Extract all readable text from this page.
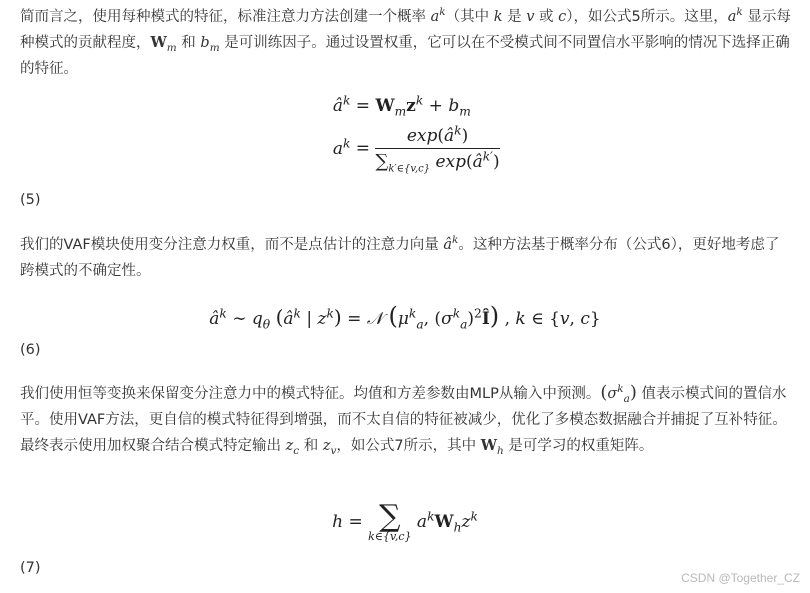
简而言之，使用每种模式的特征，标准注意力方法创建一个概率 $a^k$（其中 k 是 v 或 c），如公式5所示。这里，$a^k$ 显示每种模式的贡献程度，$W_m$ 和 $b_m$ 是可训练因子。通过设置权重，它可以在不受模式间不同置信水平影响的情况下选择正确的特征。

$â^k = W_mz^k + b_m$
$a^k = \frac{\exp(â^k)}{\sum_{k'\in\{v,c\}} \exp(â^{k'})}$
(5)

我们的VAF模块使用变分注意力权重，而不是点估计的注意力向量 $â^k$。这种方法基于概率分布（公式6），更好地考虑了跨模式的不确定性。

$â^k$ ∼ $q_\theta$ ($â^k$ | $z^k$) = 𝒩 ($\mu^k_a$, $(\sigma^k_a)^2Î$) , k ∈ {v, c}
(6)

我们使用恒等变换来保留变分注意力中的模式特征。均值和方差参数由MLP从输入中预测。$(\sigma^k_a)$ 值表示模式间的置信水平。使用VAF方法，更自信的模式特征得到增强，而不太自信的特征被减少，优化了多模态数据融合并捕捉了互补特征。最终表示使用加权聚合结合模式特定输出 $z_c$ 和 $z_v$，如公式7所示，其中 $W_h$ 是可学习的权重矩阵。

h = ∑
k∈{v,c}
$a^kW_hz^k$
(7)
CSDN @Together_CZ
